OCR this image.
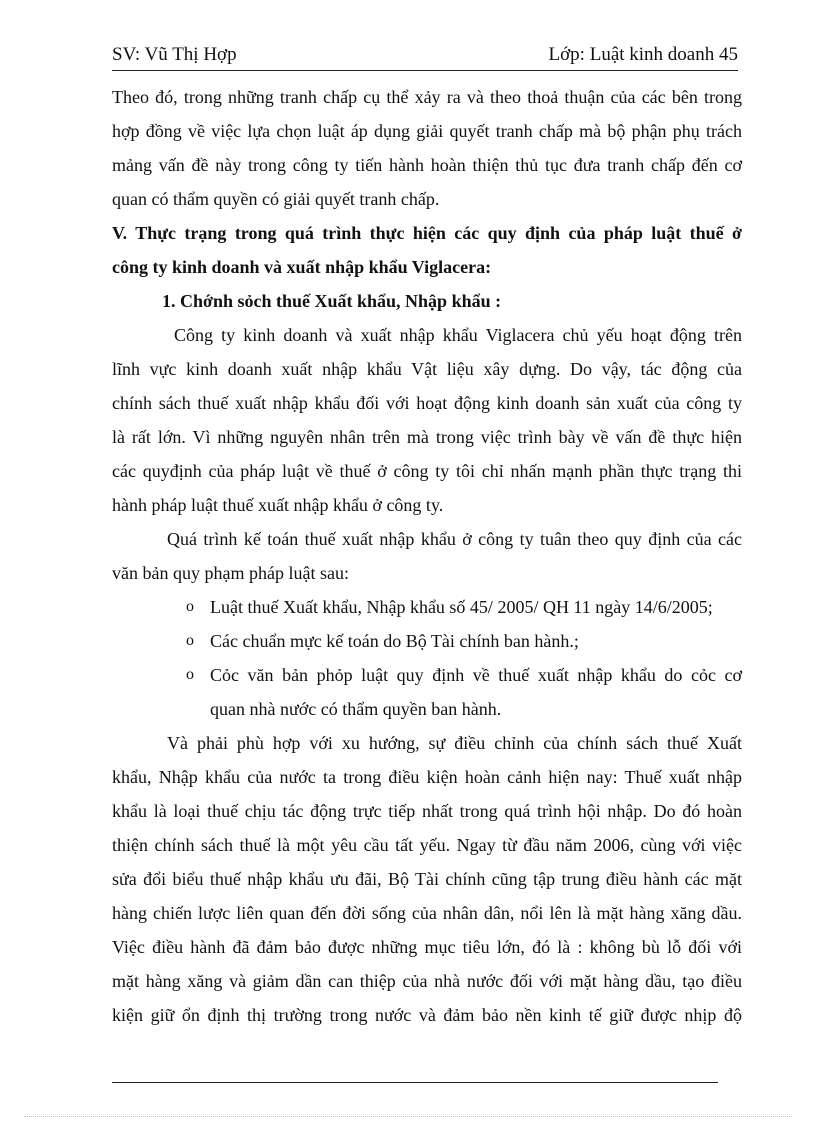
SV: Vũ Thị Hợp	Lớp: Luật kinh doanh 45
Theo đó, trong những tranh chấp cụ thể xảy ra và theo thoả thuận của các bên trong
hợp đồng về việc lựa chọn luật áp dụng giải quyết tranh chấp mà bộ phận phụ trách
mảng vấn đề này trong công ty tiến hành hoàn thiện thủ tục đưa tranh chấp đến cơ
quan có thẩm quyền có giải quyết tranh chấp.
V. Thực trạng trong quá trình thực hiện các quy định của pháp luật thuế ở
công ty kinh doanh và xuất nhập khẩu Viglacera:
1. Chớnh sỏch thuế Xuất khẩu, Nhập khẩu :
Công ty kinh doanh và xuất nhập khẩu Viglacera chủ yếu hoạt động trên
lĩnh vực kinh doanh xuất nhập khẩu Vật liệu xây dựng. Do vậy, tác động của
chính sách thuế xuất nhập khẩu đối với hoạt động kinh doanh sản xuất của công ty
là rất lớn. Vì những nguyên nhân trên mà trong việc trình bày về vấn đề thực hiện
các quyđịnh của pháp luật về thuế ở công ty tôi chỉ nhấn mạnh phần thực trạng thi
hành pháp luật thuế xuất nhập khẩu ở công ty.
Quá trình kế toán thuế xuất nhập khẩu ở công ty tuân theo quy định của các
văn bản quy phạm pháp luật sau:
o Luật thuế Xuất khẩu, Nhập khẩu số 45/ 2005/ QH 11 ngày 14/6/2005;
o Các chuẩn mực kế toán do Bộ Tài chính ban hành.;
o Cỏc văn bản phỏp luật quy định về thuế xuất nhập khẩu do cỏc cơ
quan nhà nước có thẩm quyền ban hành.
Và phải phù hợp với xu hướng, sự điều chỉnh của chính sách thuế Xuất
khẩu, Nhập khẩu của nước ta trong điều kiện hoàn cảnh hiện nay: Thuế xuất nhập
khẩu là loại thuế chịu tác động trực tiếp nhất trong quá trình hội nhập. Do đó hoàn
thiện chính sách thuế là một yêu cầu tất yếu. Ngay từ đầu năm 2006, cùng với việc
sửa đổi biểu thuế nhập khẩu ưu đãi, Bộ Tài chính cũng tập trung điều hành các mặt
hàng chiến lược liên quan đến đời sống của nhân dân, nổi lên là mặt hàng xăng dầu.
Việc điều hành đã đảm bảo được những mục tiêu lớn, đó là : không bù lỗ đối với
mặt hàng xăng và giảm dần can thiệp của nhà nước đối với mặt hàng dầu, tạo điều
kiện giữ ổn định thị trường trong nước và đảm bảo nền kinh tế giữ được nhịp độ
